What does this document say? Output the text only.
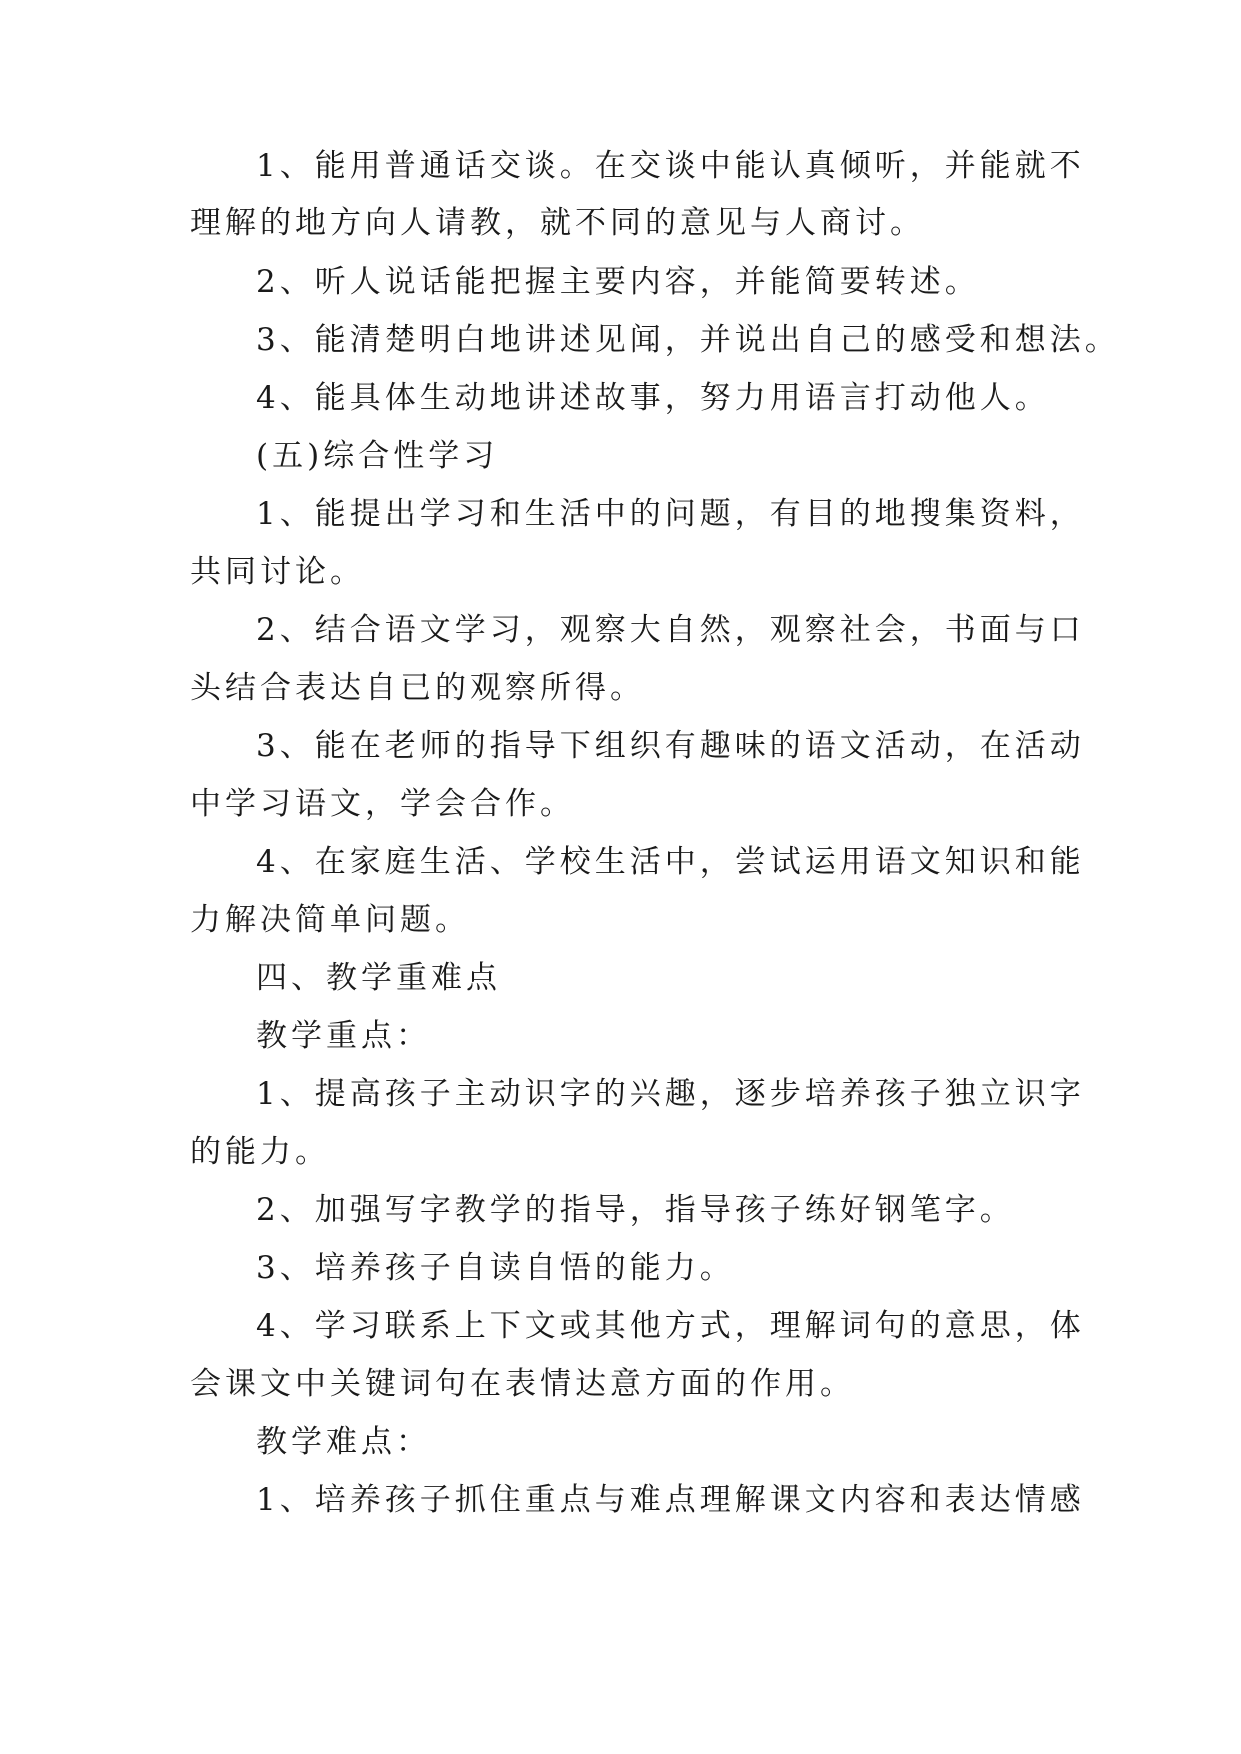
1、能用普通话交谈。在交谈中能认真倾听，并能就不
理解的地方向人请教，就不同的意见与人商讨。
2、听人说话能把握主要内容，并能简要转述。
3、能清楚明白地讲述见闻，并说出自己的感受和想法。
4、能具体生动地讲述故事，努力用语言打动他人。
(五)综合性学习
1、能提出学习和生活中的问题，有目的地搜集资料，
共同讨论。
2、结合语文学习，观察大自然，观察社会，书面与口
头结合表达自已的观察所得。
3、能在老师的指导下组织有趣味的语文活动，在活动
中学习语文，学会合作。
4、在家庭生活、学校生活中，尝试运用语文知识和能
力解决简单问题。
四、教学重难点
教学重点：
1、提高孩子主动识字的兴趣，逐步培养孩子独立识字
的能力。
2、加强写字教学的指导，指导孩子练好钢笔字。
3、培养孩子自读自悟的能力。
4、学习联系上下文或其他方式，理解词句的意思，体
会课文中关键词句在表情达意方面的作用。
教学难点：
1、培养孩子抓住重点与难点理解课文内容和表达情感
